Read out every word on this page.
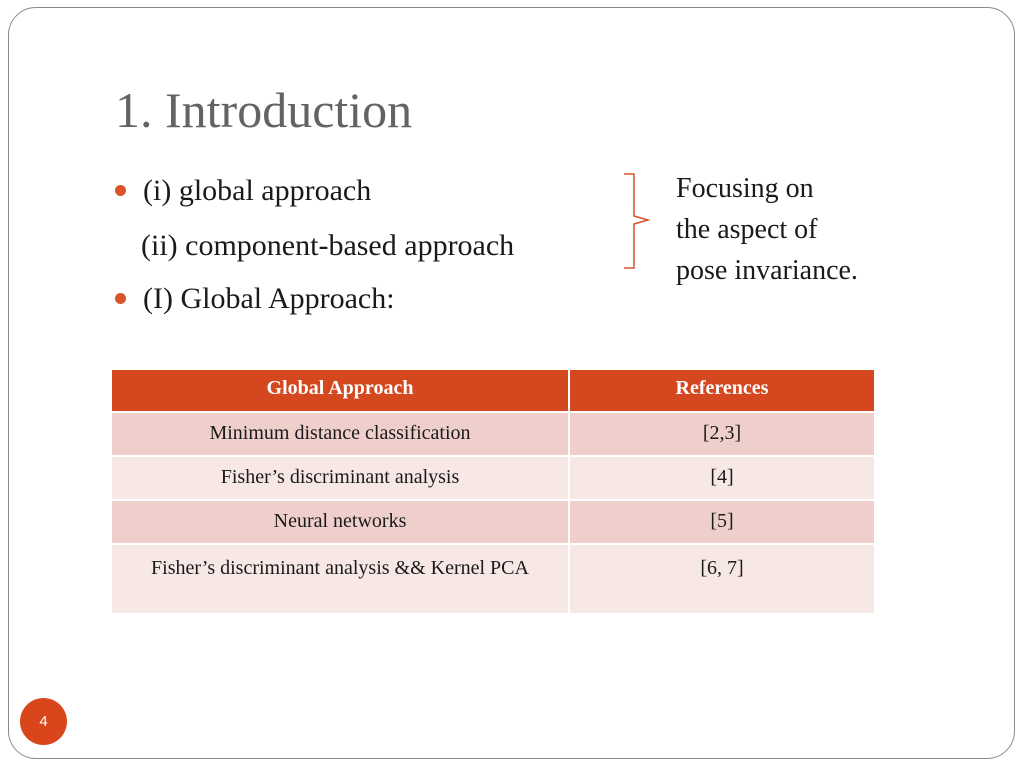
1. Introduction
(i) global approach
(ii) component-based approach
(I) Global Approach:
Focusing on
the aspect of
pose invariance.
Global Approach	References
Minimum distance classification	[2,3]
Fisher’s discriminant analysis	[4]
Neural networks	[5]
Fisher’s discriminant analysis && Kernel PCA	[6, 7]
4
